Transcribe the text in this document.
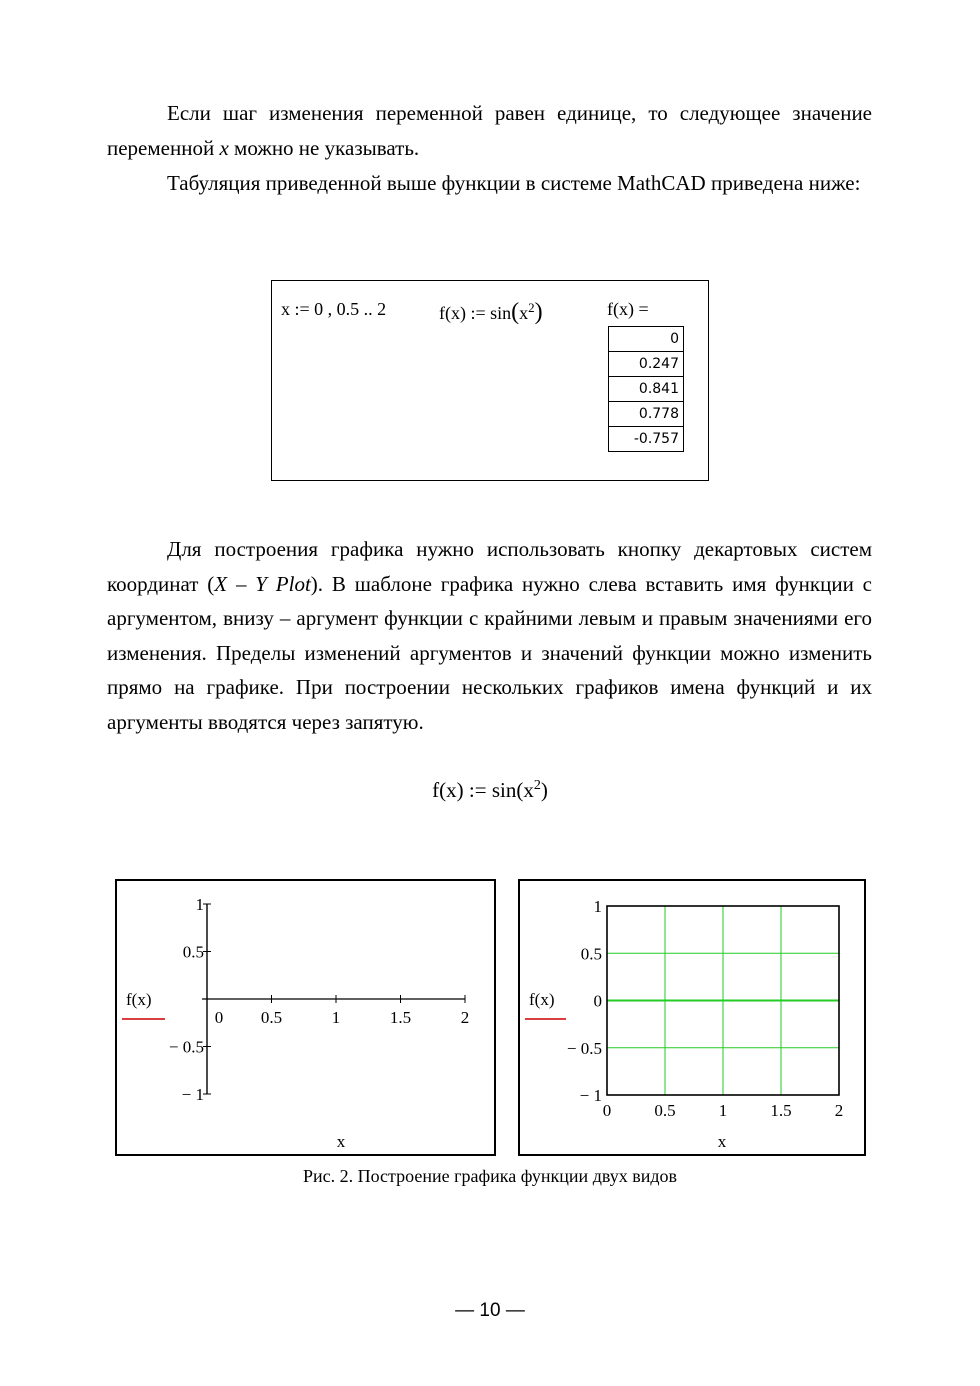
Если шаг изменения переменной равен единице, то следующее значение переменной x можно не указывать.
Табуляция приведенной выше функции в системе MathCAD приведена ниже:
x := 0 , 0.5 .. 2	f(x) := $\sin(x^2)$	f(x) =
0
0.247
0.841
0.778
-0.757
Для построения графика нужно использовать кнопку декартовых систем координат (X – Y Plot). В шаблоне графика нужно слева вставить имя функции с аргументом, внизу – аргумент функции с крайними левым и правым значениями его изменения. Пределы изменений аргументов и значений функции можно изменить прямо на графике. При построении нескольких графиков имена функций и их аргументы вводятся через запятую.
f(x) := $\sin(x^2)$
0 0.5	1	1.5	2
1
0.5
− 0.5
− 1
f(x)
x
0	0.5	1	1.5	2
1
0.5
0
− 0.5
− 1
f(x)
x
Рис. 2. Построение графика функции двух видов
— 10 —
